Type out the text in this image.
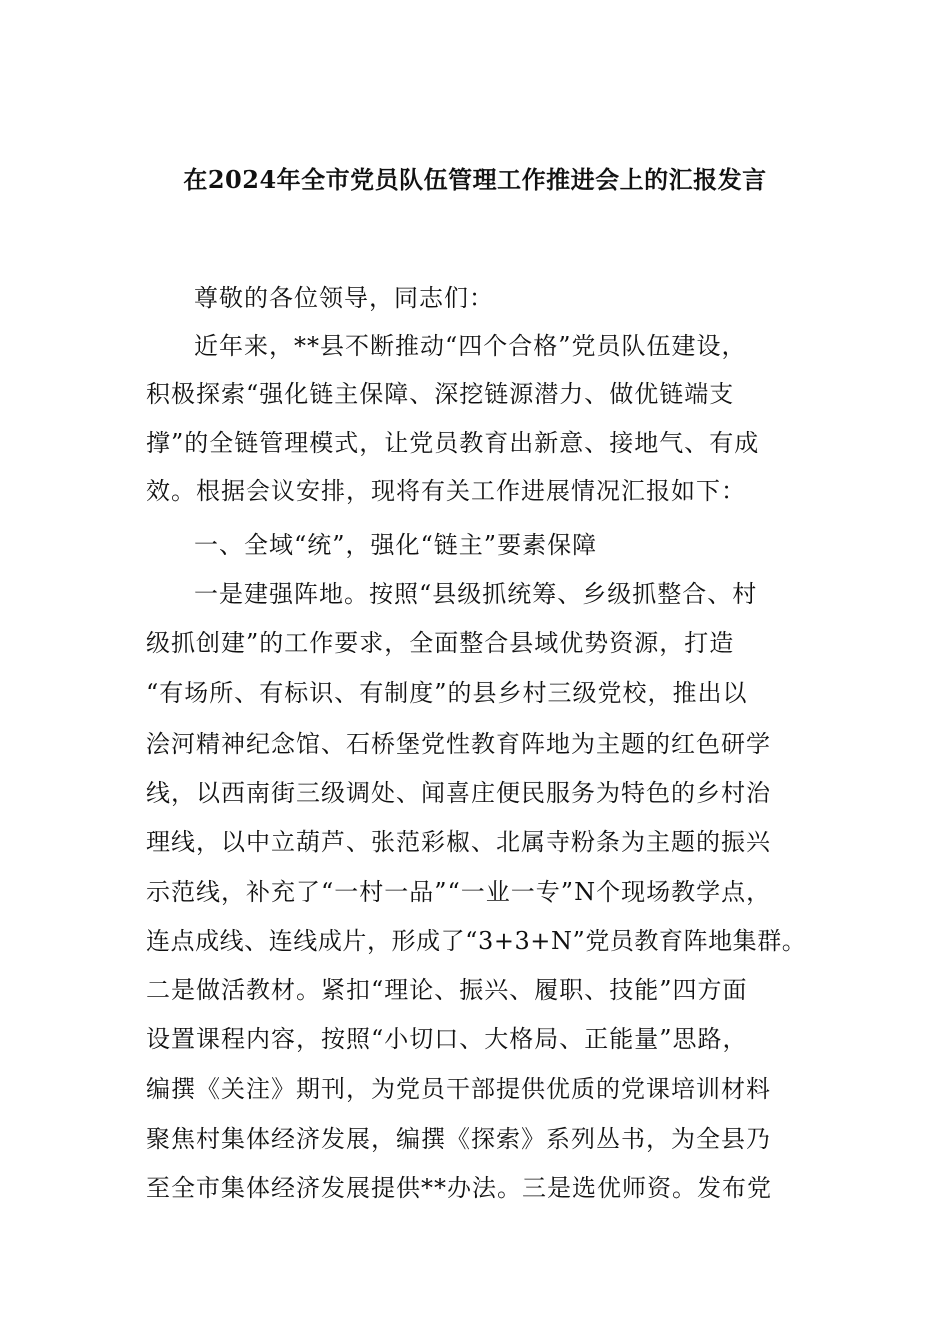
在2024年全市党员队伍管理工作推进会上的汇报发言
尊敬的各位领导，同志们：
近年来，**县不断推动“四个合格”党员队伍建设，
积极探索“强化链主保障、深挖链源潜力、做优链端支
撑”的全链管理模式，让党员教育出新意、接地气、有成
效。根据会议安排，现将有关工作进展情况汇报如下：
一、全域“统”，强化“链主”要素保障
一是建强阵地。按照“县级抓统筹、乡级抓整合、村
级抓创建”的工作要求，全面整合县域优势资源，打造
“有场所、有标识、有制度”的县乡村三级党校，推出以
浍河精神纪念馆、石桥堡党性教育阵地为主题的红色研学
线，以西南街三级调处、闻喜庄便民服务为特色的乡村治
理线，以中立葫芦、张范彩椒、北属寺粉条为主题的振兴
示范线，补充了“一村一品”“一业一专”N个现场教学点，
连点成线、连线成片，形成了“3+3+N”党员教育阵地集群。
二是做活教材。紧扣“理论、振兴、履职、技能”四方面
设置课程内容，按照“小切口、大格局、正能量”思路，
编撰《关注》期刊，为党员干部提供优质的党课培训材料
聚焦村集体经济发展，编撰《探索》系列丛书，为全县乃
至全市集体经济发展提供**办法。三是选优师资。发布党
